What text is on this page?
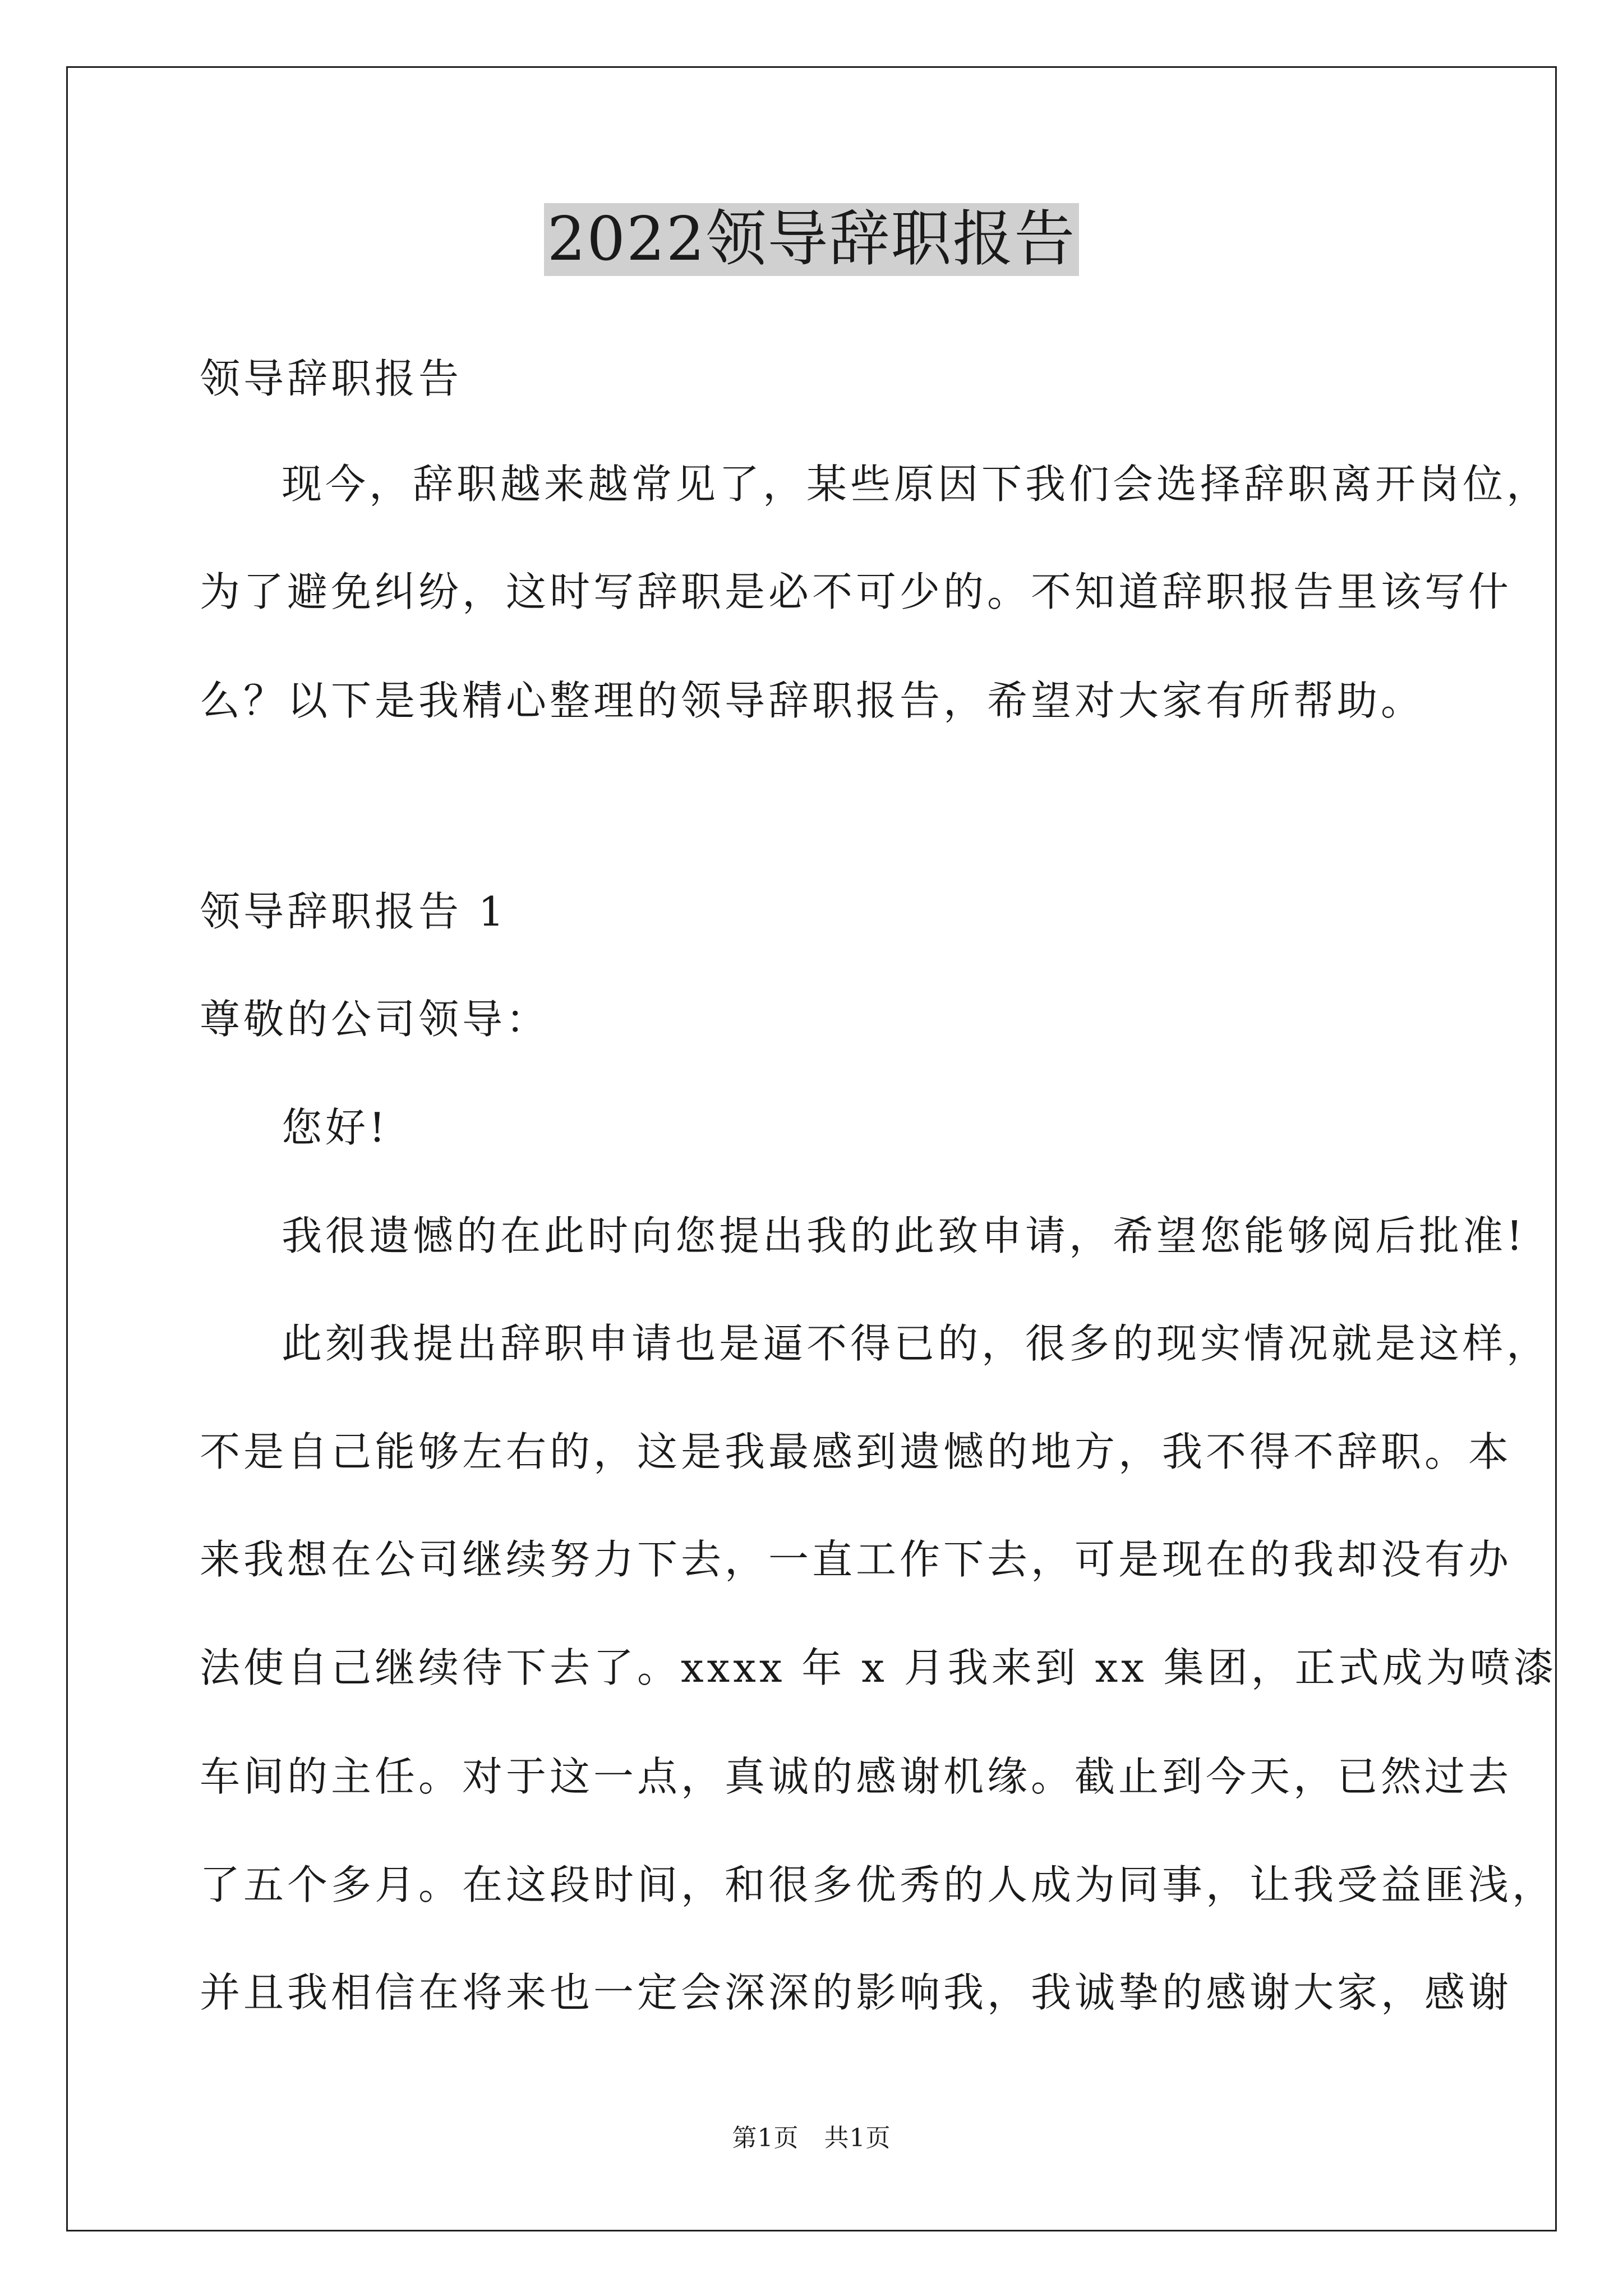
2022领导辞职报告
领导辞职报告
现今，辞职越来越常见了，某些原因下我们会选择辞职离开岗位，
为了避免纠纷，这时写辞职是必不可少的。不知道辞职报告里该写什
么？以下是我精心整理的领导辞职报告，希望对大家有所帮助。
领导辞职报告 1
尊敬的公司领导：
您好!
我很遗憾的在此时向您提出我的此致申请，希望您能够阅后批准!
此刻我提出辞职申请也是逼不得已的，很多的现实情况就是这样，
不是自己能够左右的，这是我最感到遗憾的地方，我不得不辞职。本
来我想在公司继续努力下去，一直工作下去，可是现在的我却没有办
法使自己继续待下去了。xxxx 年 x 月我来到 xx 集团，正式成为喷漆
车间的主任。对于这一点，真诚的感谢机缘。截止到今天，已然过去
了五个多月。在这段时间，和很多优秀的人成为同事，让我受益匪浅，
并且我相信在将来也一定会深深的影响我，我诚挚的感谢大家，感谢
第1页   共1页
